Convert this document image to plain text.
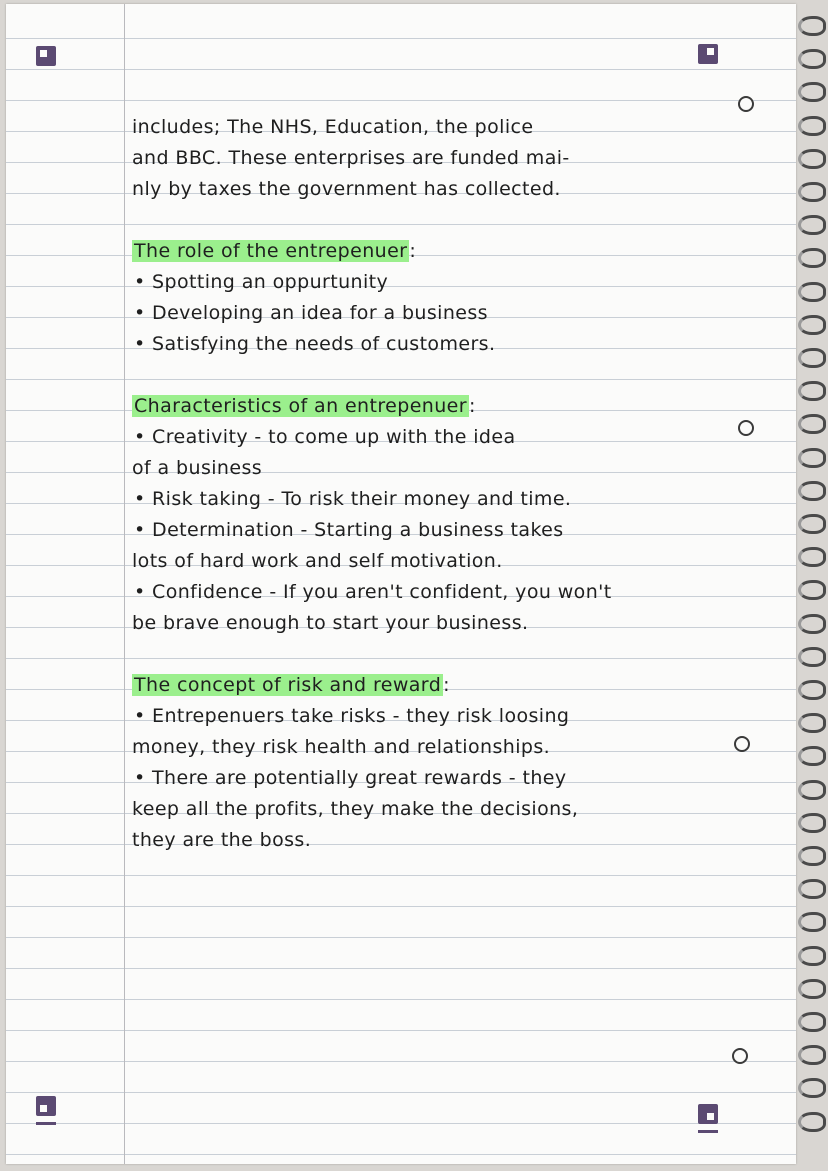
includes; The NHS, Education, the police
and BBC. These enterprises are funded mai-
nly by taxes the government has collected.
The role of the entrepenuer :
• Spotting an oppurtunity
• Developing an idea for a business
• Satisfying the needs of customers.
Characteristics of an entrepenuer :
• Creativity - to come up with the idea
of a business
• Risk taking - To risk their money and time.
• Determination - Starting a business takes
lots of hard work and self motivation.
• Confidence - If you aren't confident, you won't
be brave enough to start your business.
The concept of risk and reward :
• Entrepenuers take risks - they risk loosing
money, they risk health and relationships.
• There are potentially great rewards - they
keep all the profits, they make the decisions,
they are the boss.
